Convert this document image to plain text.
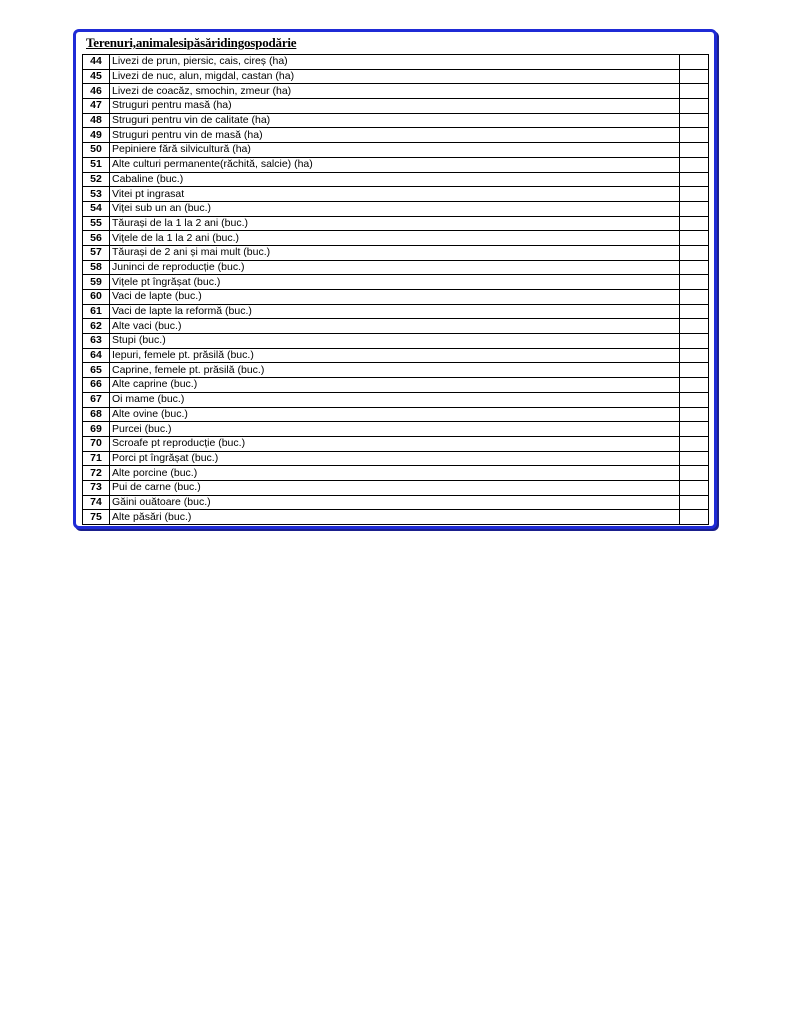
Terenuri,animalesipăsăridingospodărie
44	Livezi de prun, piersic, cais, cireș (ha)	
45	Livezi de nuc, alun, migdal, castan (ha)	
46	Livezi de coacăz, smochin, zmeur (ha)	
47	Struguri pentru masă (ha)	
48	Struguri pentru vin de calitate (ha)	
49	Struguri pentru vin de masă (ha)	
50	Pepiniere fără silvicultură (ha)	
51	Alte culturi permanente(răchită, salcie) (ha)	
52	Cabaline (buc.)	
53	Vitei pt ingrasat	
54	Viței sub un an (buc.)	
55	Tăurași de la 1 la 2 ani (buc.)	
56	Vițele de la 1 la 2 ani (buc.)	
57	Tăurași de 2 ani și mai mult (buc.)	
58	Juninci de reproducție (buc.)	
59	Vițele pt îngrășat (buc.)	
60	Vaci de lapte (buc.)	
61	Vaci de lapte la reformă (buc.)	
62	Alte vaci (buc.)	
63	Stupi (buc.)	
64	Iepuri, femele pt. prăsilă (buc.)	
65	Caprine, femele pt. prăsilă (buc.)	
66	Alte caprine (buc.)	
67	Oi mame (buc.)	
68	Alte ovine (buc.)	
69	Purcei (buc.)	
70	Scroafe pt reproducție (buc.)	
71	Porci pt îngrășat (buc.)	
72	Alte porcine (buc.)	
73	Pui de carne (buc.)	
74	Găini ouătoare (buc.)	
75	Alte păsări (buc.)	
